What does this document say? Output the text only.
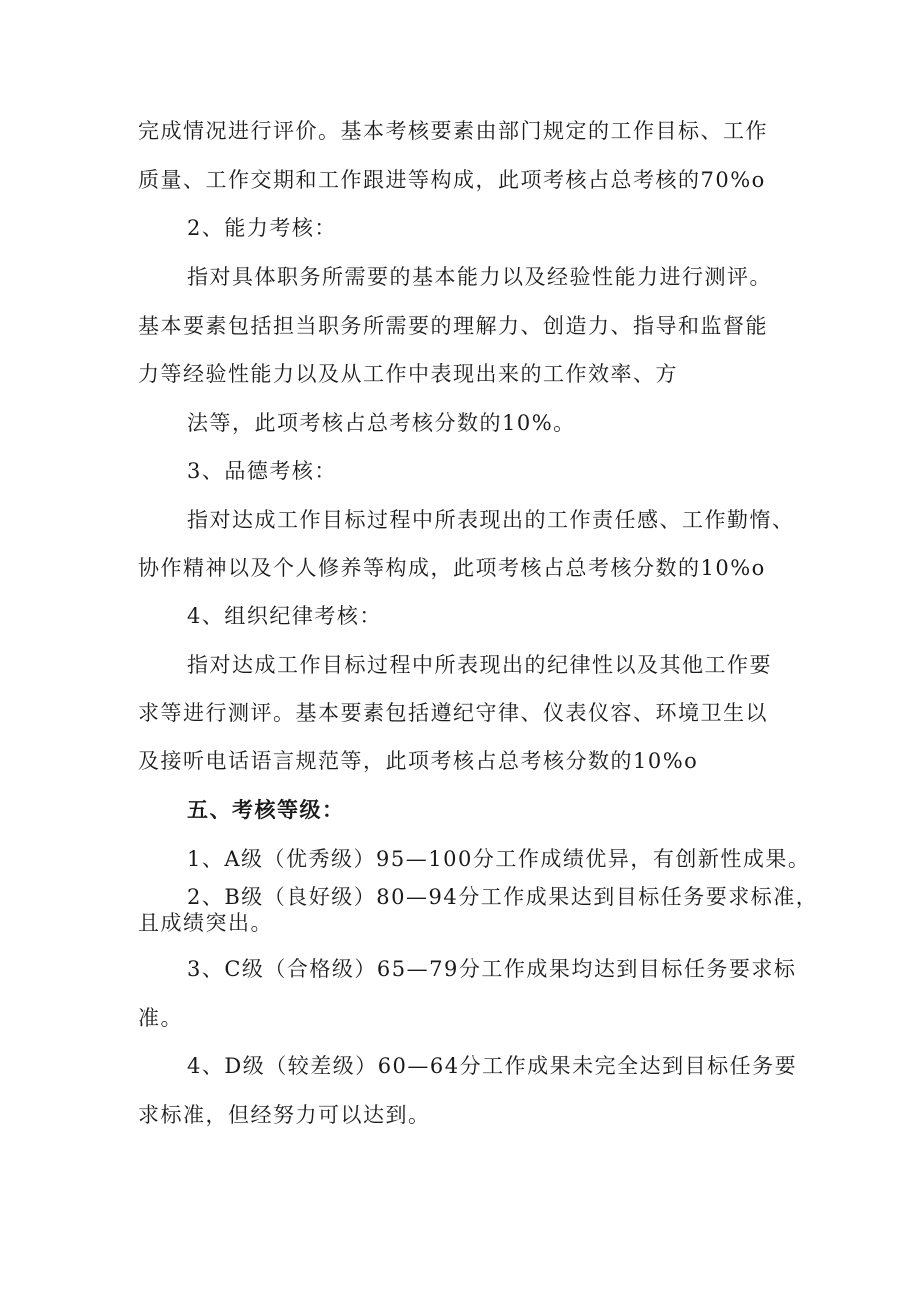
完成情况进行评价。基本考核要素由部门规定的工作目标、工作

质量、工作交期和工作跟进等构成，此项考核占总考核的70%o

2、能力考核：

指对具体职务所需要的基本能力以及经验性能力进行测评。

基本要素包括担当职务所需要的理解力、创造力、指导和监督能

力等经验性能力以及从工作中表现出来的工作效率、方

法等，此项考核占总考核分数的10%。

3、品德考核：

指对达成工作目标过程中所表现出的工作责任感、工作勤惰、

协作精神以及个人修养等构成，此项考核占总考核分数的10%o

4、组织纪律考核：

指对达成工作目标过程中所表现出的纪律性以及其他工作要

求等进行测评。基本要素包括遵纪守律、仪表仪容、环境卫生以

及接听电话语言规范等，此项考核占总考核分数的10%o

五、考核等级：

1、A级（优秀级）95—100分工作成绩优异，有创新性成果。

2、B级（良好级）80—94分工作成果达到目标任务要求标准，

且成绩突出。

3、C级（合格级）65—79分工作成果均达到目标任务要求标

准。

4、D级（较差级）60—64分工作成果未完全达到目标任务要

求标准，但经努力可以达到。
